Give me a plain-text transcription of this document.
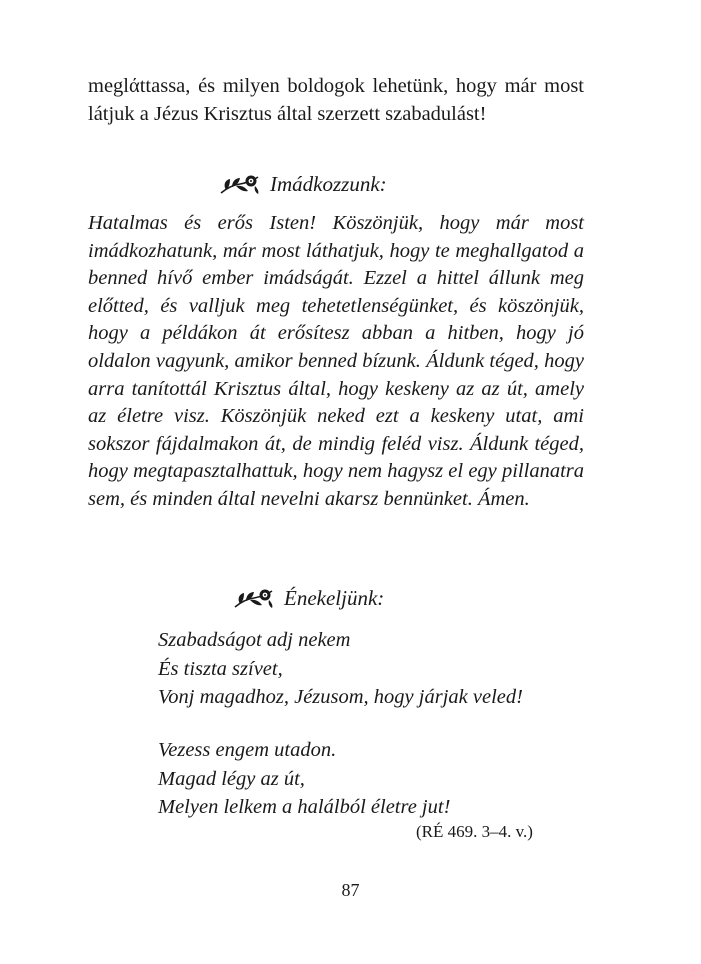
meglάttassa, és milyen boldogok lehetünk, hogy már most látjuk a Jézus Krisztus által szerzett szabadulást!

Imádkozzunk:

Hatalmas és erős Isten! Köszönjük, hogy már most imádkozhatunk, már most láthatjuk, hogy te meghallgatod a benned hívő ember imádságát. Ezzel a hittel állunk meg előtted, és valljuk meg tehetetlenségünket, és köszönjük, hogy a példákon át erősítesz abban a hitben, hogy jó oldalon vagyunk, amikor benned bízunk. Áldunk téged, hogy arra tanítottál Krisztus által, hogy keskeny az az út, amely az életre visz. Köszönjük neked ezt a keskeny utat, ami sokszor fájdalmakon át, de mindig feléd visz. Áldunk téged, hogy megtapasztalhattuk, hogy nem hagysz el egy pillanatra sem, és minden által nevelni akarsz bennünket. Ámen.

Énekeljünk:
Szabadságot adj nekem
És tiszta szívet,
Vonj magadhoz, Jézusom, hogy járjak veled!
Vezess engem utadon.
Magad légy az út,
Melyen lelkem a halálból életre jut!
(RÉ 469. 3–4. v.)
87
